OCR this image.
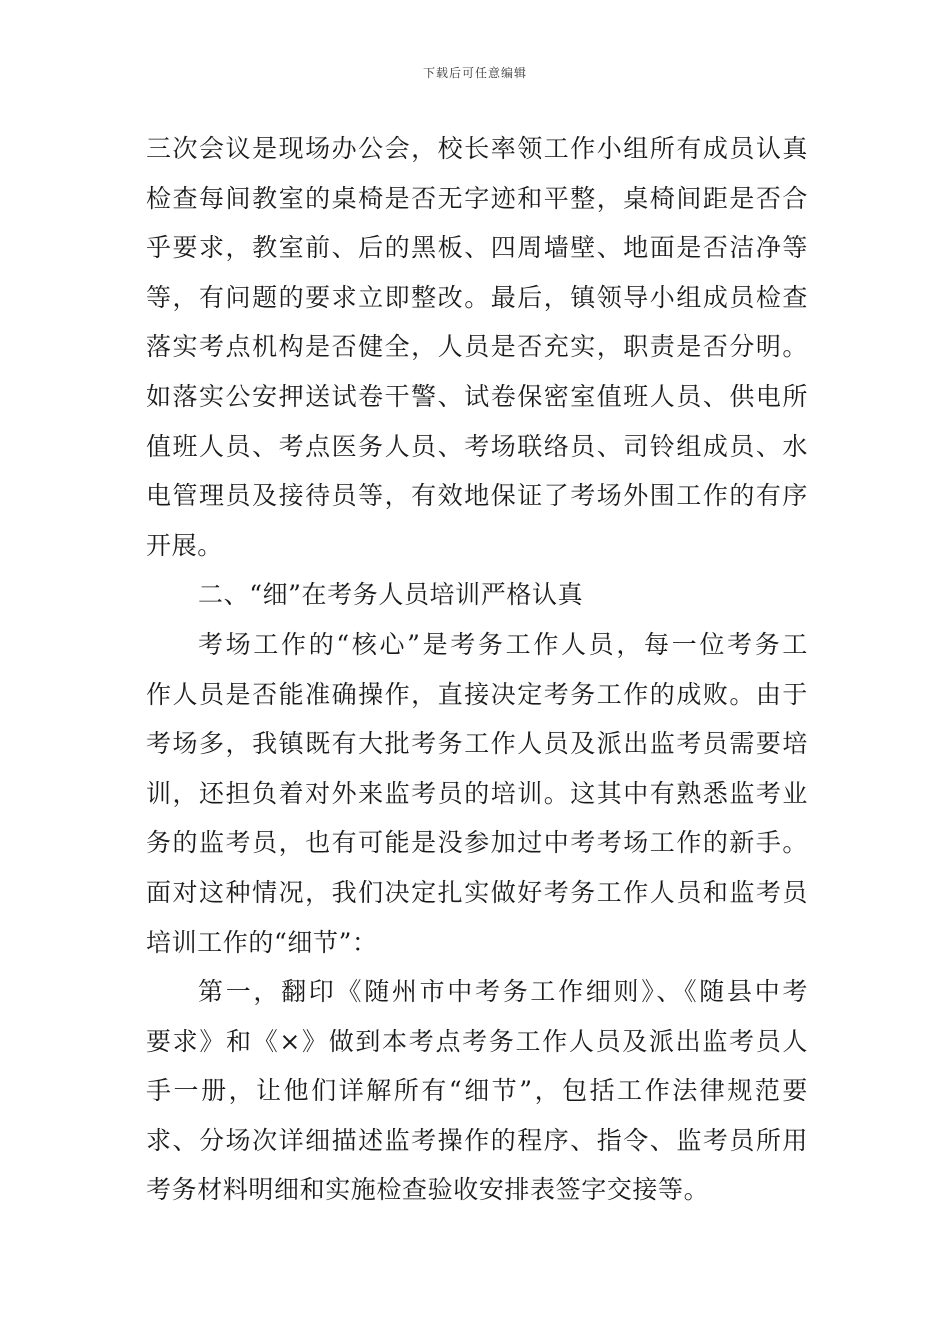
下载后可任意编辑
三次会议是现场办公会，校长率领工作小组所有成员认真
检查每间教室的桌椅是否无字迹和平整，桌椅间距是否合
乎要求，教室前、后的黑板、四周墙壁、地面是否洁净等
等，有问题的要求立即整改。最后，镇领导小组成员检查
落实考点机构是否健全，人员是否充实，职责是否分明。
如落实公安押送试卷干警、试卷保密室值班人员、供电所
值班人员、考点医务人员、考场联络员、司铃组成员、水
电管理员及接待员等，有效地保证了考场外围工作的有序
开展。
二、“细”在考务人员培训严格认真
考场工作的“核心”是考务工作人员，每一位考务工
作人员是否能准确操作，直接决定考务工作的成败。由于
考场多，我镇既有大批考务工作人员及派出监考员需要培
训，还担负着对外来监考员的培训。这其中有熟悉监考业
务的监考员，也有可能是没参加过中考考场工作的新手。
面对这种情况，我们决定扎实做好考务工作人员和监考员
培训工作的“细节”：
第一，翻印《随州市中考务工作细则》、《随县中考
要求》和《×》做到本考点考务工作人员及派出监考员人
手一册，让他们详解所有“细节”，包括工作法律规范要
求、分场次详细描述监考操作的程序、指令、监考员所用
考务材料明细和实施检查验收安排表签字交接等。
